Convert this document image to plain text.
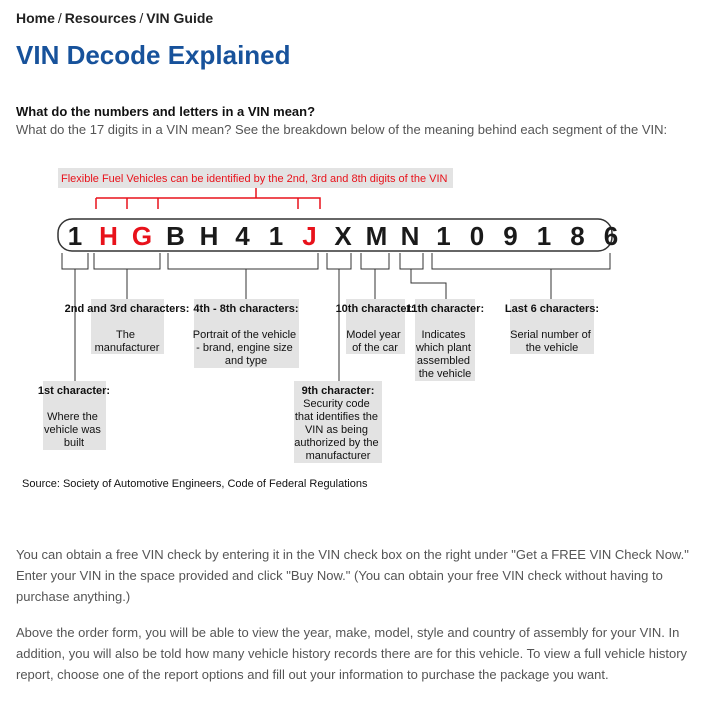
Home / Resources / VIN Guide
VIN Decode Explained
What do the numbers and letters in a VIN mean?

What do the 17 digits in a VIN mean? See the breakdown below of the meaning behind each segment of the VIN:

Flexible Fuel Vehicles can be identified by the 2nd, 3rd and 8th digits of the VIN
1 H G B H 4 1 J X M N 1 0 9 1 8 6
2nd and 3rd characters:
The manufacturer
4th - 8th characters:
Portrait of the vehicle - brand, engine size and type
10th character:
Model year of the car
11th character:
Indicates which plant assembled the vehicle
Last 6 characters:
Serial number of the vehicle
1st character:
Where the vehicle was built
9th character:
Security code that identifies the VIN as being authorized by the manufacturer
Source: Society of Automotive Engineers, Code of Federal Regulations

You can obtain a free VIN check by entering it in the VIN check box on the right under "Get a FREE VIN Check Now." Enter your VIN in the space provided and click "Buy Now." (You can obtain your free VIN check without having to purchase anything.)

Above the order form, you will be able to view the year, make, model, style and country of assembly for your VIN. In addition, you will also be told how many vehicle history records there are for this vehicle. To view a full vehicle history report, choose one of the report options and fill out your information to purchase the package you want.
